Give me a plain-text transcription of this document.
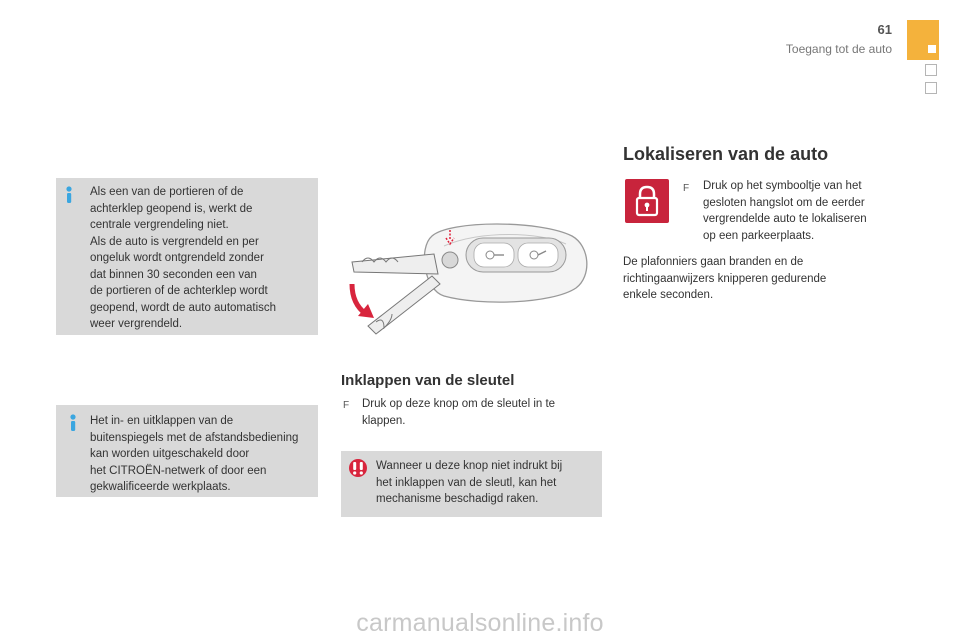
61
Toegang tot de auto
Als een van de portieren of de
achterklep geopend is, werkt de
centrale vergrendeling niet.
Als de auto is vergrendeld en per
ongeluk wordt ontgrendeld zonder
dat binnen 30 seconden een van
de portieren of de achterklep wordt
geopend, wordt de auto automatisch
weer vergrendeld.
Het in- en uitklappen van de
buitenspiegels met de afstandsbediening
kan worden uitgeschakeld door
het CITROËN-netwerk of door een
gekwalificeerde werkplaats.
Inklappen van de sleutel
F Druk op deze knop om de sleutel in te
klappen.
Wanneer u deze knop niet indrukt bij
het inklappen van de sleutl, kan het
mechanisme beschadigd raken.
Lokaliseren van de auto
F Druk op het symbooltje van het
gesloten hangslot om de eerder
vergrendelde auto te lokaliseren
op een parkeerplaats.
De plafonniers gaan branden en de
richtingaanwijzers knipperen gedurende
enkele seconden.
carmanualsonline.info
